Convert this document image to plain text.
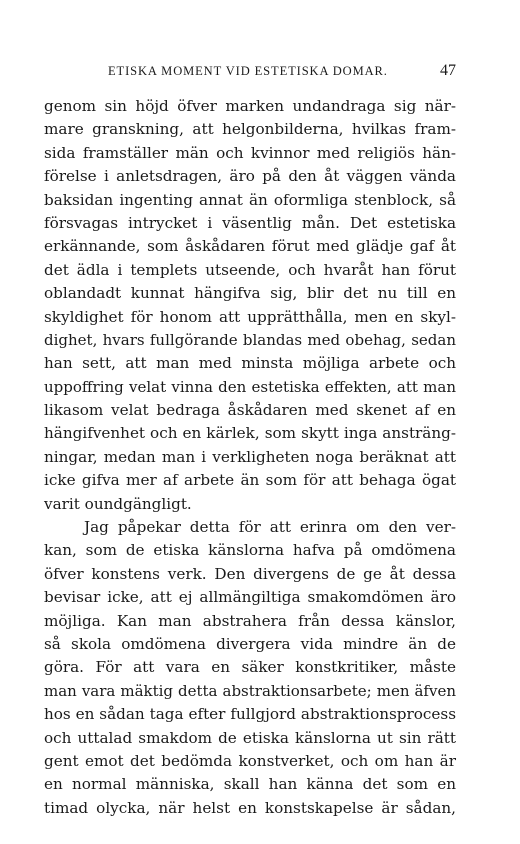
ETISKA MOMENT VID ESTETISKA DOMAR.	47
genom sin höjd öfver marken undandraga sig när-
mare granskning, att helgonbilderna, hvilkas fram-
sida framställer män och kvinnor med religiös hän-
förelse i anletsdragen, äro på den åt väggen vända
baksidan ingenting annat än oformliga stenblock, så
försvagas intrycket i väsentlig mån. Det estetiska
erkännande, som åskådaren förut med glädje gaf åt
det ädla i templets utseende, och hvaråt han förut
oblandadt kunnat hängifva sig, blir det nu till en
skyldighet för honom att upprätthålla, men en skyl-
dighet, hvars fullgörande blandas med obehag, sedan
han sett, att man med minsta möjliga arbete och
uppoffring velat vinna den estetiska effekten, att man
likasom velat bedraga åskådaren med skenet af en
hängifvenhet och en kärlek, som skytt inga ansträng-
ningar, medan man i verkligheten noga beräknat att
icke gifva mer af arbete än som för att behaga ögat
varit oundgängligt.
Jag påpekar detta för att erinra om den ver-
kan, som de etiska känslorna hafva på omdömena
öfver konstens verk. Den divergens de ge åt dessa
bevisar icke, att ej allmängiltiga smakomdömen äro
möjliga. Kan man abstrahera från dessa känslor,
så skola omdömena divergera vida mindre än de
göra. För att vara en säker konstkritiker, måste
man vara mäktig detta abstraktionsarbete; men äfven
hos en sådan taga efter fullgjord abstraktionsprocess
och uttalad smakdom de etiska känslorna ut sin rätt
gent emot det bedömda konstverket, och om han är
en normal människa, skall han känna det som en
timad olycka, när helst en konstskapelse är sådan,
